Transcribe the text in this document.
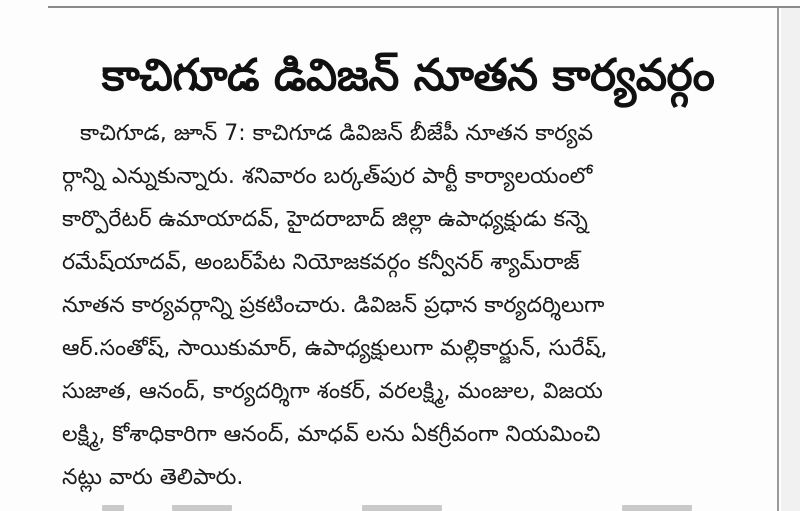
కాచిగూడ డివిజన్ నూతన కార్యవర్గం
కాచిగూడ, జూన్ 7: కాచిగూడ డివిజన్ బీజేపీ నూతన కార్యవ
ర్గాన్ని ఎన్నుకున్నారు. శనివారం బర్కత్‌పుర పార్టీ కార్యాలయంలో
కార్పొరేటర్ ఉమాయాదవ్, హైదరాబాద్ జిల్లా ఉపాధ్యక్షుడు కన్నె
రమేష్‌యాదవ్, అంబర్‌పేట నియోజకవర్గం కన్వీనర్ శ్యామ్‌రాజ్
నూతన కార్యవర్గాన్ని ప్రకటించారు. డివిజన్ ప్రధాన కార్యదర్శిలుగా
ఆర్.సంతోష్, సాయికుమార్, ఉపాధ్యక్షులుగా మల్లికార్జున్, సురేష్,
సుజాత, ఆనంద్, కార్యదర్శిగా శంకర్, వరలక్ష్మి, మంజుల, విజయ
లక్ష్మి, కోశాధికారిగా ఆనంద్, మాధవ్ లను ఏకగ్రీవంగా నియమించి
నట్లు వారు తెలిపారు.
